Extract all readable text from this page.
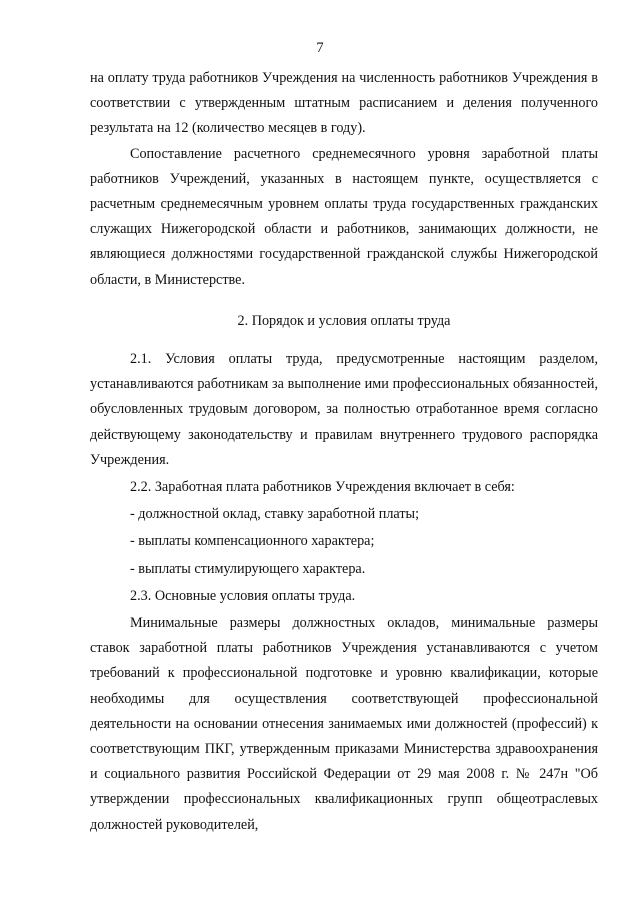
7

на оплату труда работников Учреждения на численность работников Учреждения в соответствии с утвержденным штатным расписанием и деления полученного результата на 12 (количество месяцев в году).

Сопоставление расчетного среднемесячного уровня заработной платы работников Учреждений, указанных в настоящем пункте, осуществляется с расчетным среднемесячным уровнем оплаты труда государственных гражданских служащих Нижегородской области и работников, занимающих должности, не являющиеся должностями государственной гражданской службы Нижегородской области, в Министерстве.

2. Порядок и условия оплаты труда

2.1. Условия оплаты труда, предусмотренные настоящим разделом, устанавливаются работникам за выполнение ими профессиональных обязанностей, обусловленных трудовым договором, за полностью отработанное время согласно действующему законодательству и правилам внутреннего трудового распорядка Учреждения.

2.2. Заработная плата работников Учреждения включает в себя:

- должностной оклад, ставку заработной платы;

- выплаты компенсационного характера;

- выплаты стимулирующего характера.

2.3. Основные условия оплаты труда.

Минимальные размеры должностных окладов, минимальные размеры ставок заработной платы работников Учреждения устанавливаются с учетом требований к профессиональной подготовке и уровню квалификации, которые необходимы для осуществления соответствующей профессиональной деятельности на основании отнесения занимаемых ими должностей (профессий) к соответствующим ПКГ, утвержденным приказами Министерства здравоохранения и социального развития Российской Федерации от 29 мая 2008 г. № 247н "Об утверждении профессиональных квалификационных групп общеотраслевых должностей руководителей,
